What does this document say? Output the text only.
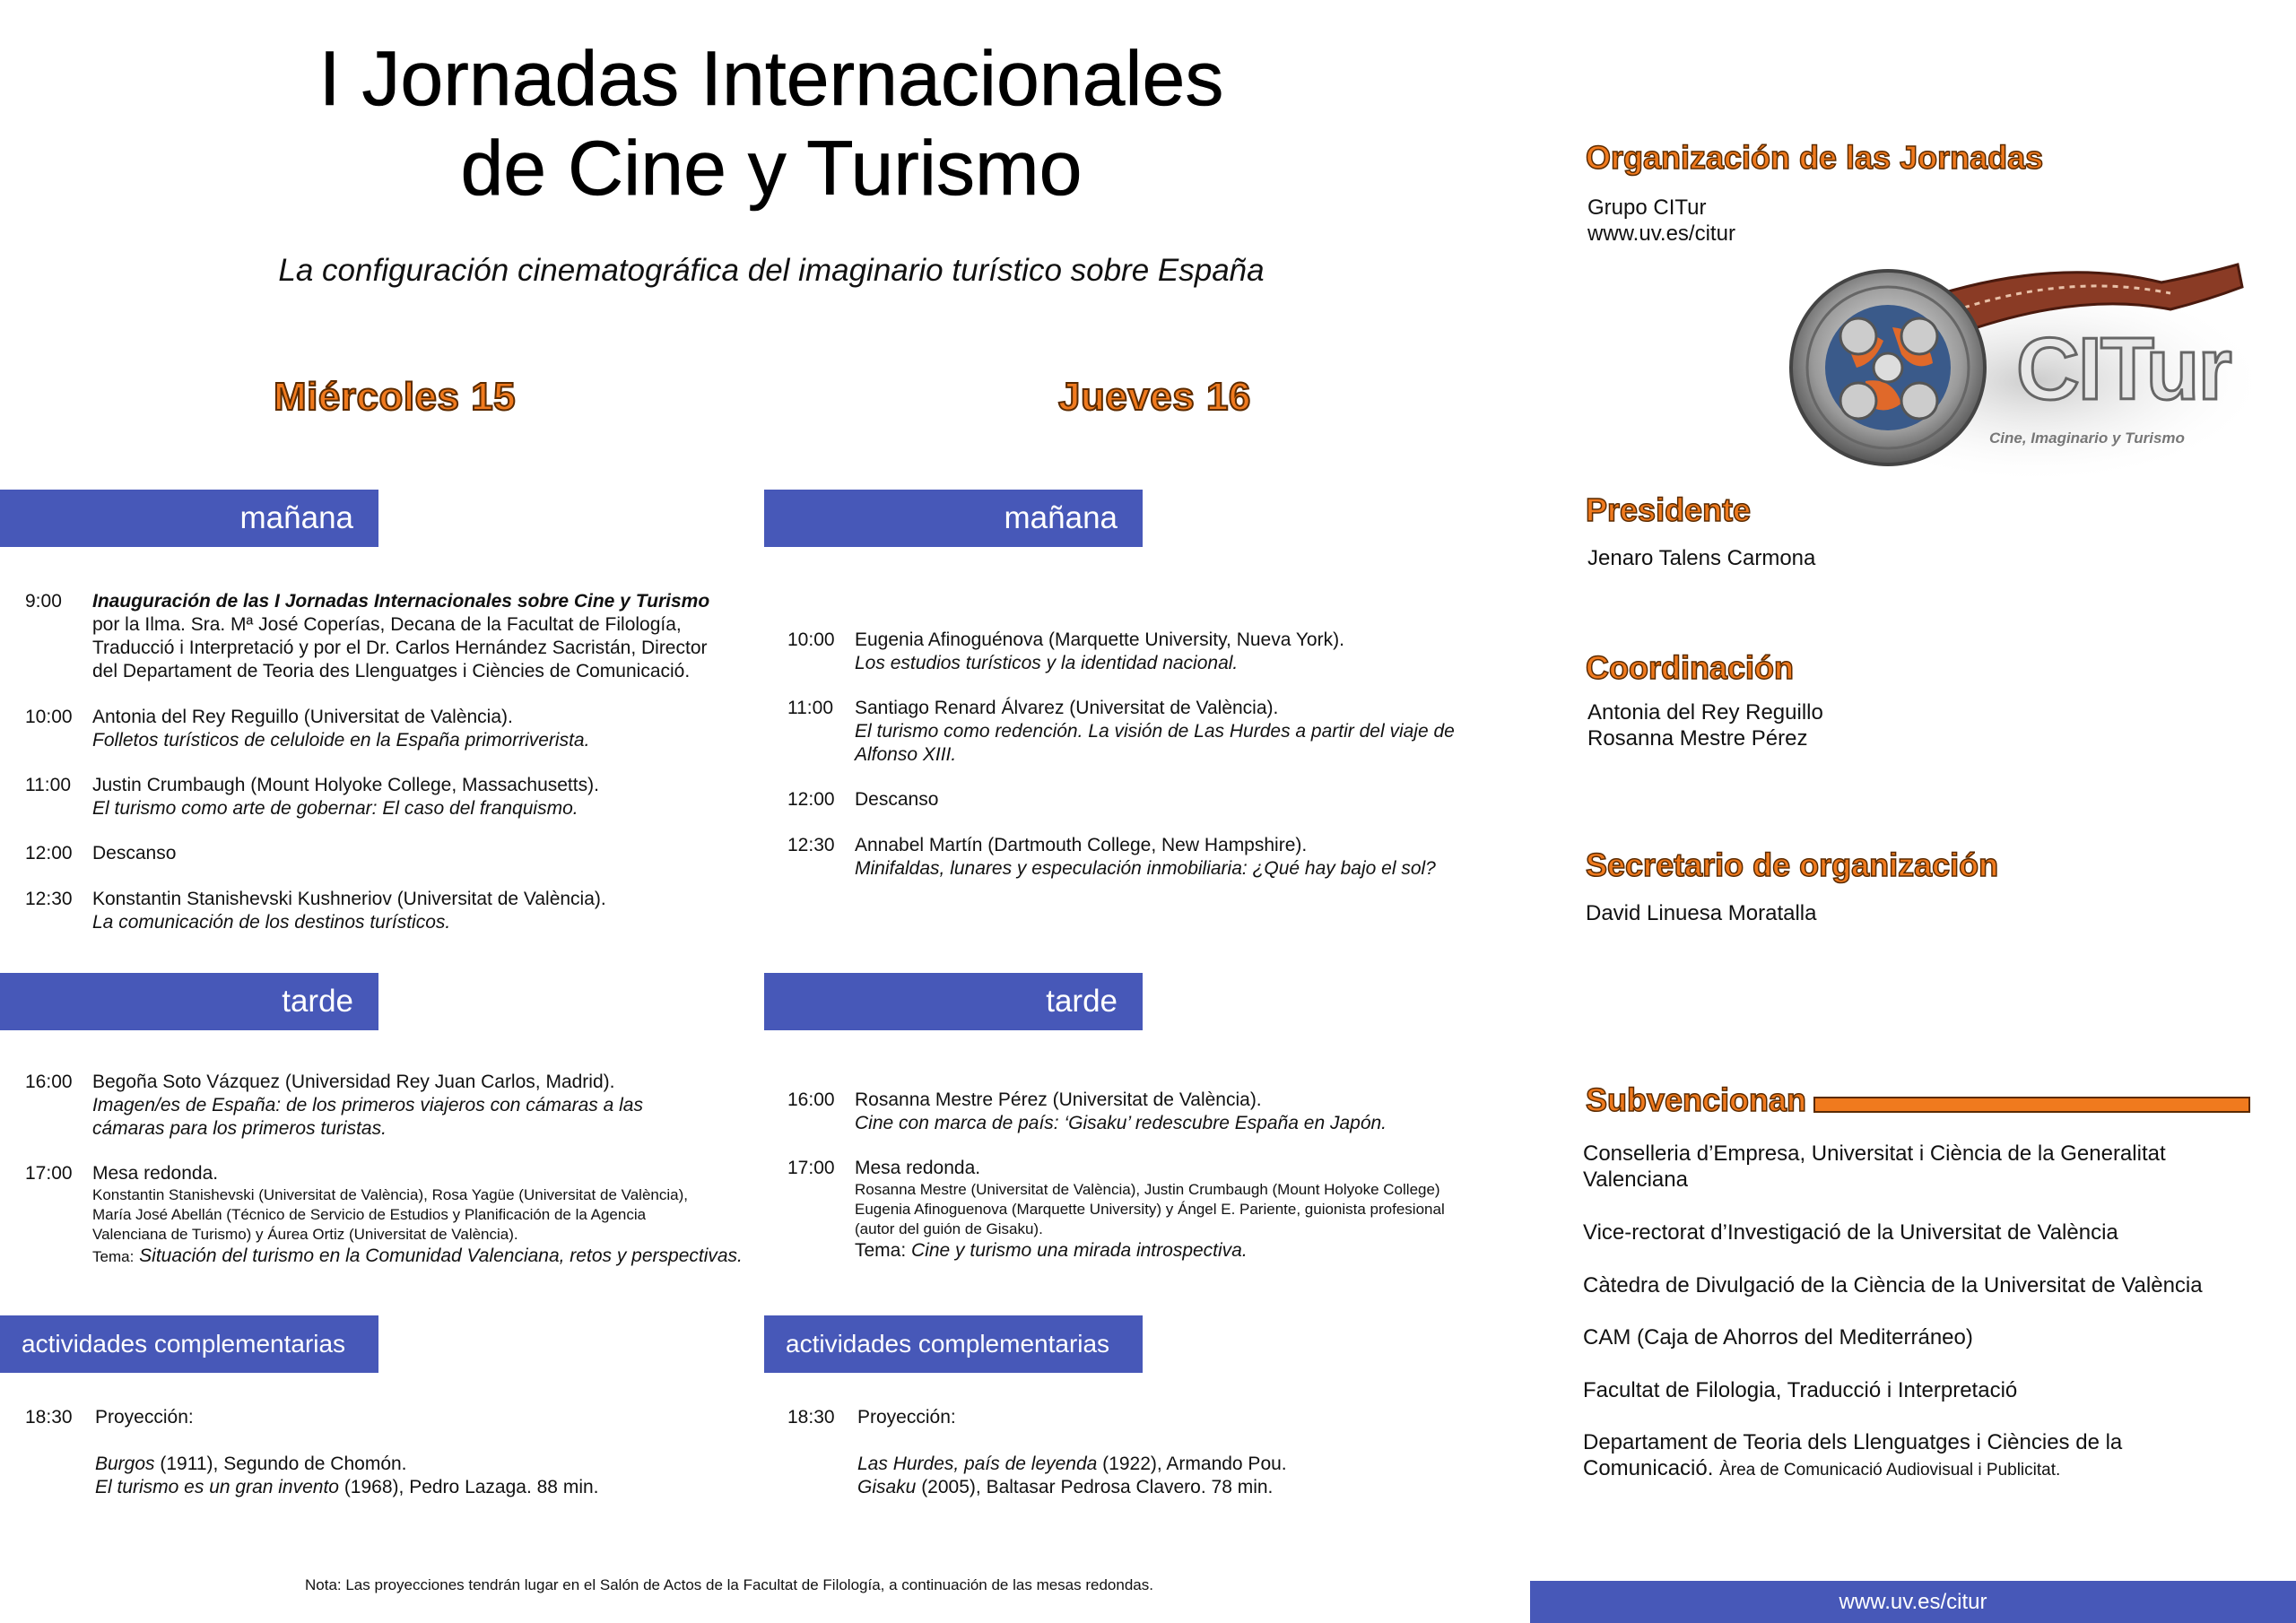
I Jornadas Internacionales
de Cine y Turismo
La configuración cinematográfica del imaginario turístico sobre España
Miércoles 15
mañana
9:00 Inauguración de las I Jornadas Internacionales sobre Cine y Turismo
por la Ilma. Sra. Mª José Coperías, Decana de la Facultat de Filología,
Traducció i Interpretació y por el Dr. Carlos Hernández Sacristán, Director
del Departament de Teoria des Llenguatges i Ciències de Comunicació.
10:00 Antonia del Rey Reguillo (Universitat de València).
Folletos turísticos de celuloide en la España primorriverista.
11:00 Justin Crumbaugh (Mount Holyoke College, Massachusetts).
El turismo como arte de gobernar: El caso del franquismo.
12:00 Descanso
12:30 Konstantin Stanishevski Kushneriov (Universitat de València).
La comunicación de los destinos turísticos.
tarde
16:00 Begoña Soto Vázquez (Universidad Rey Juan Carlos, Madrid).
Imagen/es de España: de los primeros viajeros con cámaras a las
cámaras para los primeros turistas.
17:00 Mesa redonda.
Konstantin Stanishevski (Universitat de València), Rosa Yagüe (Universitat de València),
María José Abellán (Técnico de Servicio de Estudios y Planificación de la Agencia
Valenciana de Turismo) y Áurea Ortiz (Universitat de València).
Tema: Situación del turismo en la Comunidad Valenciana, retos y perspectivas.
actividades complementarias
18:30 Proyección:
Burgos (1911), Segundo de Chomón.
El turismo es un gran invento (1968), Pedro Lazaga. 88 min.
Jueves 16
mañana
10:00 Eugenia Afinoguénova (Marquette University, Nueva York).
Los estudios turísticos y la identidad nacional.
11:00 Santiago Renard Álvarez (Universitat de València).
El turismo como redención. La visión de Las Hurdes a partir del viaje de
Alfonso XIII.
12:00 Descanso
12:30 Annabel Martín (Dartmouth College, New Hampshire).
Minifaldas, lunares y especulación inmobiliaria: ¿Qué hay bajo el sol?
tarde
16:00 Rosanna Mestre Pérez (Universitat de València).
Cine con marca de país: ‘Gisaku’ redescubre España en Japón.
17:00 Mesa redonda.
Rosanna Mestre (Universitat de València), Justin Crumbaugh (Mount Holyoke College)
Eugenia Afinoguenova (Marquette University) y Ángel E. Pariente, guionista profesional
(autor del guión de Gisaku).
Tema: Cine y turismo una mirada introspectiva.
actividades complementarias
18:30 Proyección:
Las Hurdes, país de leyenda (1922), Armando Pou.
Gisaku (2005), Baltasar Pedrosa Clavero. 78 min.
Organización de las Jornadas
Grupo CITur
www.uv.es/citur
CITur
Cine, Imaginario y Turismo
Presidente
Jenaro Talens Carmona
Coordinación
Antonia del Rey Reguillo
Rosanna Mestre Pérez
Secretario de organización
David Linuesa Moratalla
Subvencionan
Conselleria d’Empresa, Universitat i Ciència de la Generalitat Valenciana
Vice-rectorat d’Investigació de la Universitat de València
Càtedra de Divulgació de la Ciència de la Universitat de València
CAM (Caja de Ahorros del Mediterráneo)
Facultat de Filologia, Traducció i Interpretació
Departament de Teoria dels Llenguatges i Ciències de la Comunicació. Àrea de Comunicació Audiovisual i Publicitat.
Nota: Las proyecciones tendrán lugar en el Salón de Actos de la Facultat de Filología, a continuación de las mesas redondas.
www.uv.es/citur
